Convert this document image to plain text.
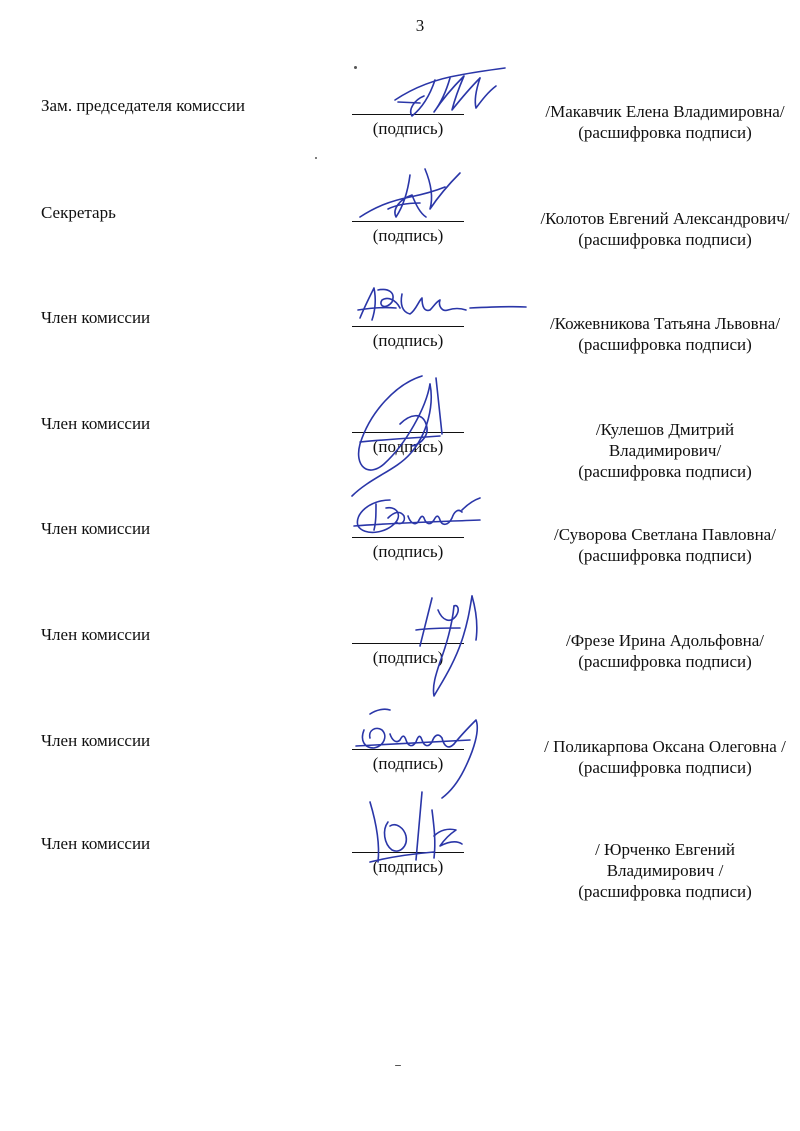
3
Зам. председателя комиссии
(подпись)
/Макавчик Елена Владимировна/
(расшифровка подписи)
Секретарь
(подпись)
/Колотов Евгений Александрович/
(расшифровка подписи)
Член комиссии
(подпись)
/Кожевникова Татьяна Львовна/
(расшифровка подписи)
Член комиссии
(подпись)
/Кулешов Дмитрий Владимирович/
(расшифровка подписи)
Член комиссии
(подпись)
/Суворова Светлана Павловна/
(расшифровка подписи)
Член комиссии
(подпись)
/Фрезе Ирина Адольфовна/
(расшифровка подписи)
Член комиссии
(подпись)
/ Поликарпова Оксана Олеговна /
(расшифровка подписи)
Член комиссии
(подпись)
/ Юрченко Евгений Владимирович /
(расшифровка подписи)
